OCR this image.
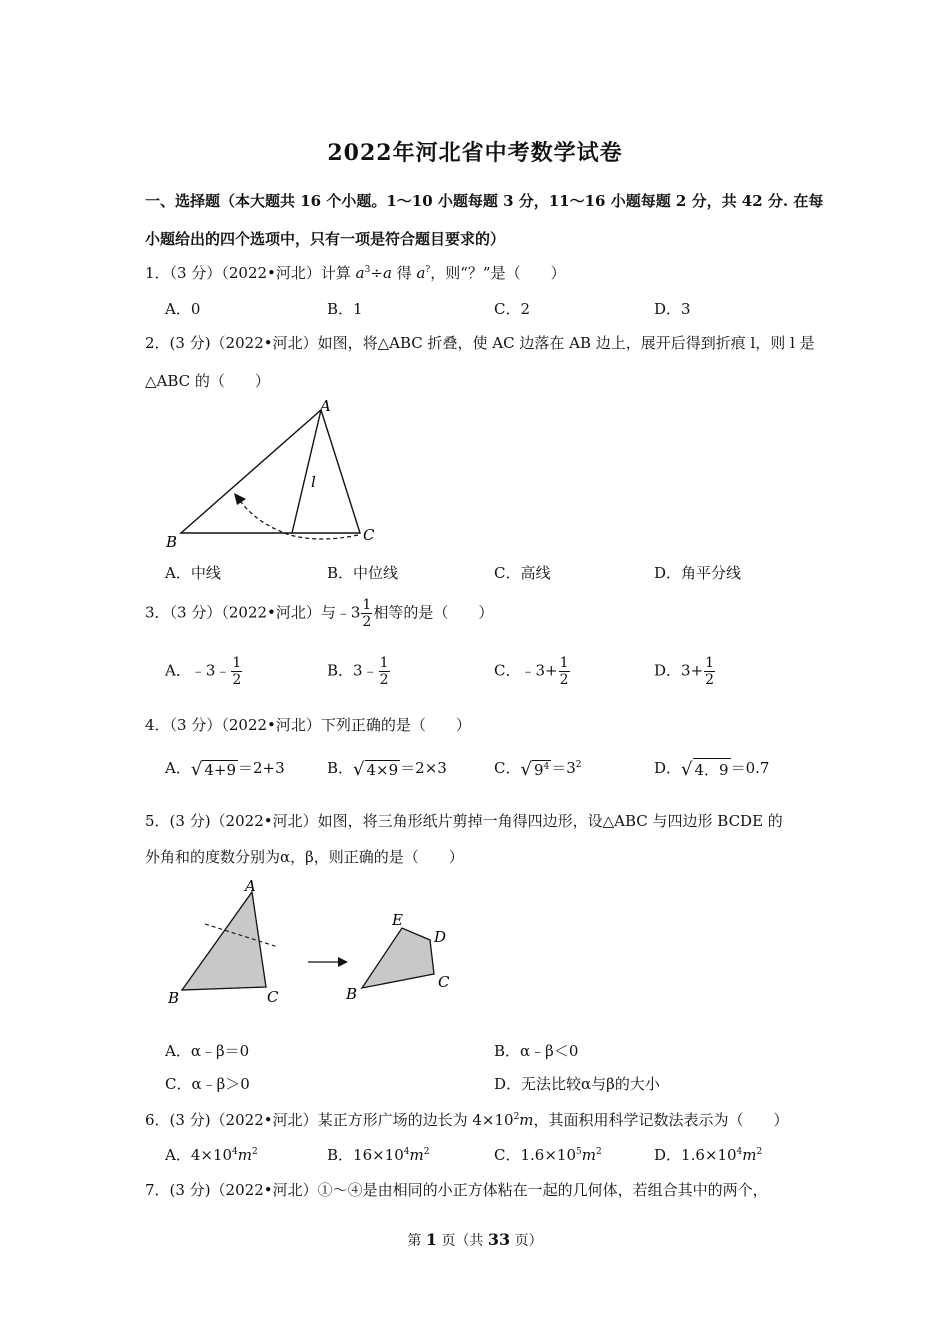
2022年河北省中考数学试卷
一、选择题（本大题共 16 个小题。1～10 小题每题 3 分，11～16 小题每题 2 分，共 42 分. 在每
小题给出的四个选项中，只有一项是符合题目要求的）
1．（3 分）（2022•河北）计算 $a^3\div a$ 得 a?，则“？”是（　　）
A．0	B．1	C．2	D．3
2．(3 分)（2022•河北）如图，将△ABC 折叠，使 AC 边落在 AB 边上，展开后得到折痕 l，则 l 是
△ABC 的（　　）
A
B	C
l
A．中线	B．中位线	C．高线	D．角平分线
3．（3 分）（2022•河北）与﹣3 $\frac{1}{2}$ 相等的是（　　）
A．﹣3﹣ $\frac{1}{2}$	B．3﹣ $\frac{1}{2}$	C．﹣3+ $\frac{1}{2}$	D．$3+ \frac{1}{2}$
4．（3 分）（2022•河北）下列正确的是（　　）
A．√ 4+9 ＝2+3	B．√ 4×9 ＝2×3	C．√ $9^4 =3^2$	D．√ 4．9 ＝0.7
5．(3 分)（2022•河北）如图，将三角形纸片剪掉一角得四边形，设△ABC 与四边形 BCDE 的
外角和的度数分别为α，β，则正确的是（　　）
A
B	C
E
D
C
B
A．α﹣β＝0	B．α﹣β＜0
C．α﹣β＞0	D．无法比较α与β的大小
6．(3 分)（2022•河北）某正方形广场的边长为 $4\times 10^2m$，其面积用科学记数法表示为（　　）
A．$4\times 10^4m^2$	B．$16\times 10^4m^2$	C．$1.6\times 10^5m^2$	D．$1.6\times 10^4m^2$
7．(3 分)（2022•河北）①～④是由相同的小正方体粘在一起的几何体，若组合其中的两个，
第 1 页（共 33 页）
